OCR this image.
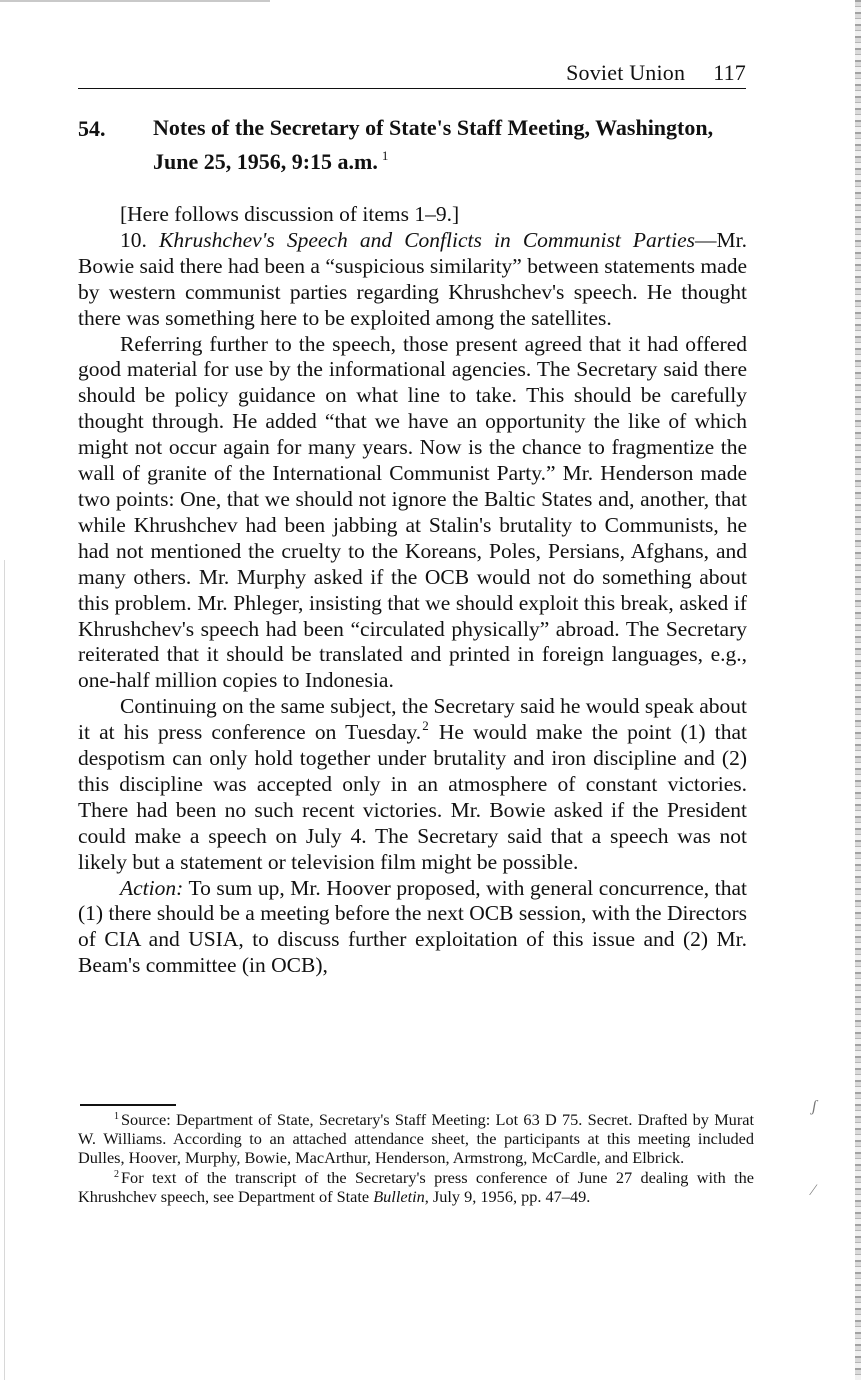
Soviet Union 117
54. Notes of the Secretary of State's Staff Meeting, Washington, June 25, 1956, 9:15 a.m. $^1$

[Here follows discussion of items 1–9.]

10. Khrushchev's Speech and Conflicts in Communist Parties—Mr. Bowie said there had been a “suspicious similarity” between statements made by western communist parties regarding Khrushchev's speech. He thought there was something here to be exploited among the satellites.

Referring further to the speech, those present agreed that it had offered good material for use by the informational agencies. The Secretary said there should be policy guidance on what line to take. This should be carefully thought through. He added “that we have an opportunity the like of which might not occur again for many years. Now is the chance to fragmentize the wall of granite of the International Communist Party.” Mr. Henderson made two points: One, that we should not ignore the Baltic States and, another, that while Khrushchev had been jabbing at Stalin's brutality to Communists, he had not mentioned the cruelty to the Koreans, Poles, Persians, Afghans, and many others. Mr. Murphy asked if the OCB would not do something about this problem. Mr. Phleger, insisting that we should exploit this break, asked if Khrushchev's speech had been “circulated physically” abroad. The Secretary reiterated that it should be translated and printed in foreign languages, e.g., one-half million copies to Indonesia.

Continuing on the same subject, the Secretary said he would speak about it at his press conference on Tuesday.$^2$ He would make the point (1) that despotism can only hold together under brutality and iron discipline and (2) this discipline was accepted only in an atmosphere of constant victories. There had been no such recent victories. Mr. Bowie asked if the President could make a speech on July 4. The Secretary said that a speech was not likely but a statement or television film might be possible.

Action: To sum up, Mr. Hoover proposed, with general concurrence, that (1) there should be a meeting before the next OCB session, with the Directors of CIA and USIA, to discuss further exploitation of this issue and (2) Mr. Beam's committee (in OCB),

$^1$ Source: Department of State, Secretary's Staff Meeting: Lot 63 D 75. Secret. Drafted by Murat W. Williams. According to an attached attendance sheet, the participants at this meeting included Dulles, Hoover, Murphy, Bowie, MacArthur, Henderson, Armstrong, McCardle, and Elbrick.

$^2$ For text of the transcript of the Secretary's press conference of June 27 dealing with the Khrushchev speech, see Department of State Bulletin, July 9, 1956, pp. 47–49.

ʃ
⁄
